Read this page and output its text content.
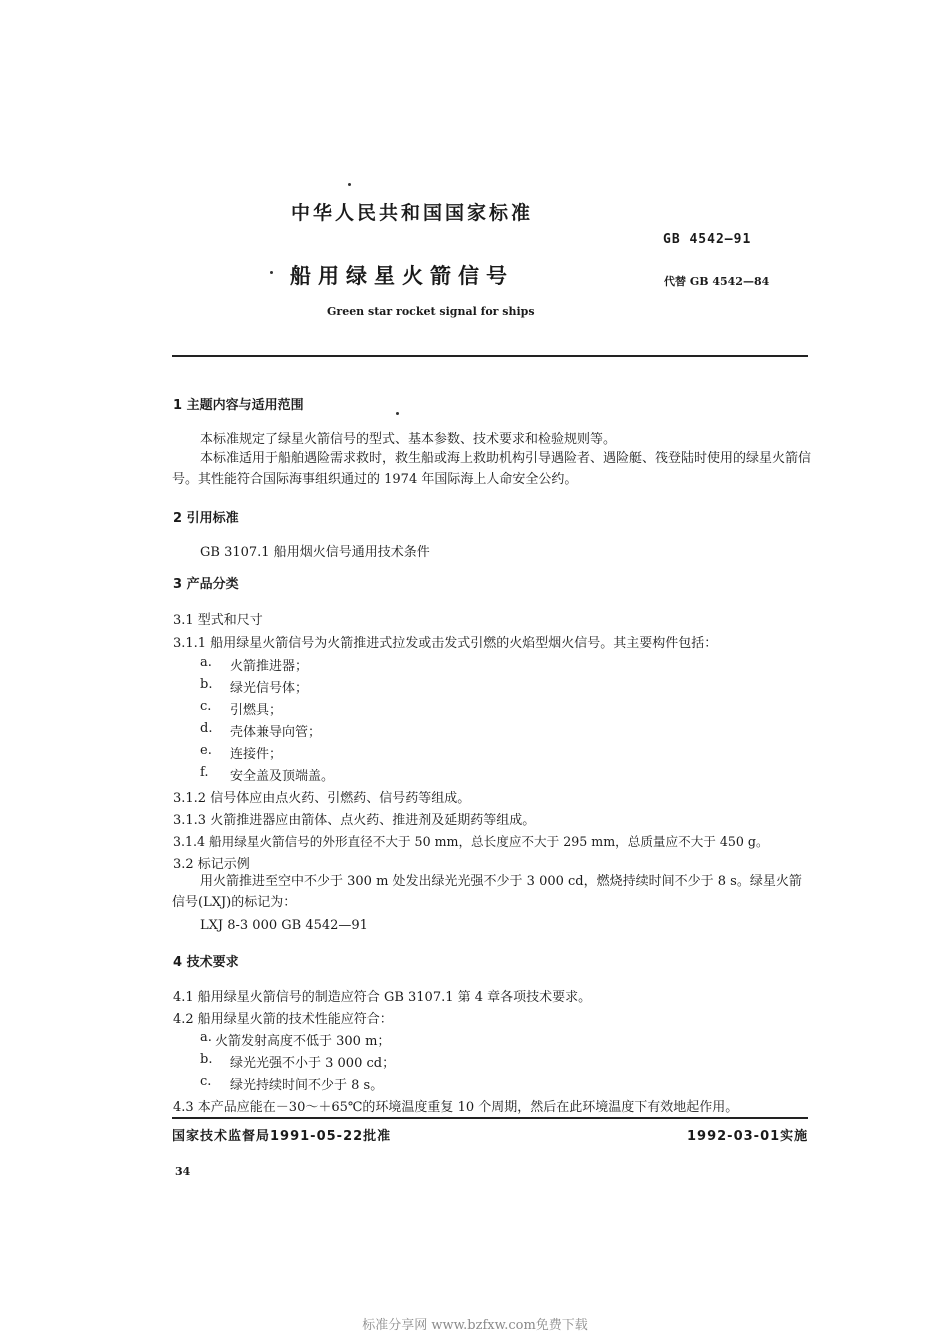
中华人民共和国国家标准
GB 4542—91
船用绿星火箭信号	代替 GB 4542—84
Green star rocket signal for ships
1 主题内容与适用范围
本标准规定了绿星火箭信号的型式、基本参数、技术要求和检验规则等。
本标准适用于船舶遇险需求救时，救生船或海上救助机构引导遇险者、遇险艇、筏登陆时使用的绿星火箭信号。其性能符合国际海事组织通过的 1974 年国际海上人命安全公约。
2 引用标准
GB 3107.1 船用烟火信号通用技术条件
3 产品分类
3.1 型式和尺寸
3.1.1 船用绿星火箭信号为火箭推进式拉发或击发式引燃的火焰型烟火信号。其主要构件包括：
a. 火箭推进器；
b. 绿光信号体；
c. 引燃具；
d. 壳体兼导向管；
e. 连接件；
f. 安全盖及顶端盖。
3.1.2 信号体应由点火药、引燃药、信号药等组成。
3.1.3 火箭推进器应由箭体、点火药、推进剂及延期药等组成。
3.1.4 船用绿星火箭信号的外形直径不大于 50 mm，总长度应不大于 295 mm，总质量应不大于 450 g。
3.2 标记示例
用火箭推进至空中不少于 300 m 处发出绿光光强不少于 3 000 cd，燃烧持续时间不少于 8 s。绿星火箭信号(LXJ)的标记为：
LXJ 8-3 000 GB 4542—91
4 技术要求
4.1 船用绿星火箭信号的制造应符合 GB 3107.1 第 4 章各项技术要求。
4.2 船用绿星火箭的技术性能应符合：
a. 火箭发射高度不低于 300 m；
b. 绿光光强不小于 3 000 cd；
c. 绿光持续时间不少于 8 s。
4.3 本产品应能在－30～＋65℃的环境温度重复 10 个周期，然后在此环境温度下有效地起作用。
国家技术监督局1991-05-22批准	1992-03-01实施
34
标准分享网 www.bzfxw.com免费下载
